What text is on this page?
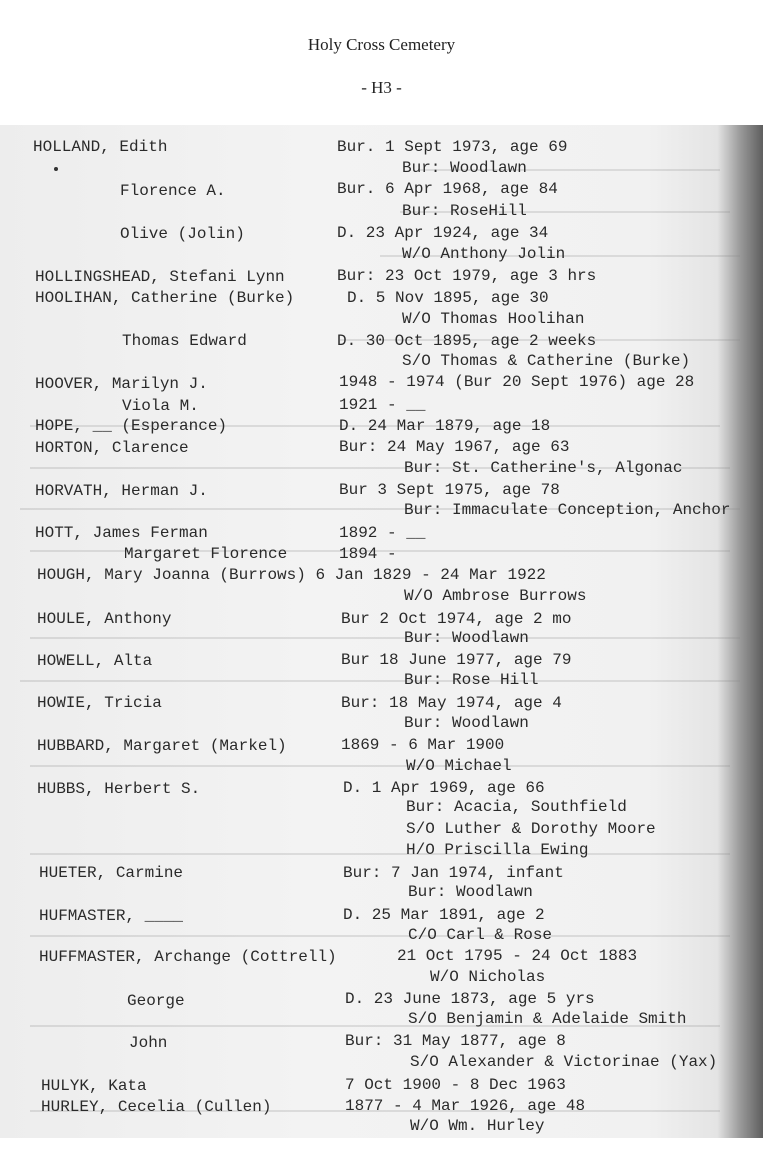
Holy Cross Cemetery
- H3 -
HOLLAND, Edith	Bur. 1 Sept 1973, age 69
Bur: Woodlawn
Florence A.	Bur. 6 Apr 1968, age 84
Bur: RoseHill
Olive (Jolin)	D. 23 Apr 1924, age 34
W/O Anthony Jolin
HOLLINGSHEAD, Stefani Lynn	Bur: 23 Oct 1979, age 3 hrs
HOOLIHAN, Catherine (Burke)	D. 5 Nov 1895, age 30
W/O Thomas Hoolihan
Thomas Edward	D. 30 Oct 1895, age 2 weeks
S/O Thomas & Catherine (Burke)
HOOVER, Marilyn J.	1948 - 1974 (Bur 20 Sept 1976) age 28
Viola M.	1921 - __
HOPE, __ (Esperance)	D. 24 Mar 1879, age 18
HORTON, Clarence	Bur: 24 May 1967, age 63
Bur: St. Catherine's, Algonac
HORVATH, Herman J.	Bur 3 Sept 1975, age 78
Bur: Immaculate Conception, Anchor
HOTT, James Ferman	1892 - __
Margaret Florence	1894 -
HOUGH, Mary Joanna (Burrows) 6 Jan 1829 - 24 Mar 1922
W/O Ambrose Burrows
HOULE, Anthony	Bur 2 Oct 1974, age 2 mo
Bur: Woodlawn
HOWELL, Alta	Bur 18 June 1977, age 79
Bur: Rose Hill
HOWIE, Tricia	Bur: 18 May 1974, age 4
Bur: Woodlawn
HUBBARD, Margaret (Markel)	1869 - 6 Mar 1900
W/O Michael
HUBBS, Herbert S.	D. 1 Apr 1969, age 66
Bur: Acacia, Southfield
S/O Luther & Dorothy Moore
H/O Priscilla Ewing
HUETER, Carmine	Bur: 7 Jan 1974, infant
Bur: Woodlawn
HUFMASTER, ____	D. 25 Mar 1891, age 2
C/O Carl & Rose
HUFFMASTER, Archange (Cottrell)	21 Oct 1795 - 24 Oct 1883
W/O Nicholas
George	D. 23 June 1873, age 5 yrs
S/O Benjamin & Adelaide Smith
John	Bur: 31 May 1877, age 8
S/O Alexander & Victorinae (Yax)
HULYK, Kata	7 Oct 1900 - 8 Dec 1963
HURLEY, Cecelia (Cullen)	1877 - 4 Mar 1926, age 48
W/O Wm. Hurley
